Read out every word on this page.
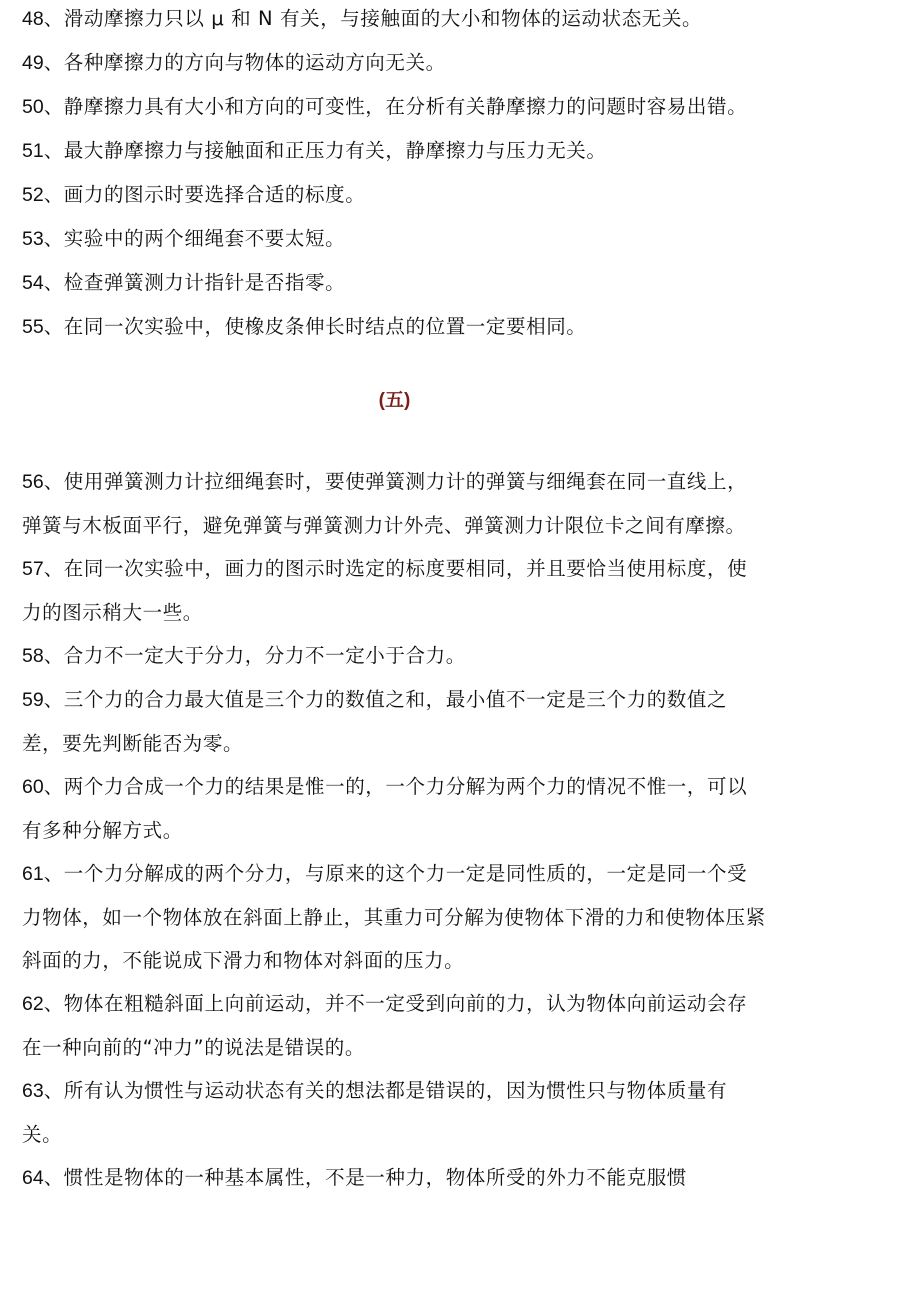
48、滑动摩擦力只以 μ 和 N 有关，与接触面的大小和物体的运动状态无关。

49、各种摩擦力的方向与物体的运动方向无关。

50、静摩擦力具有大小和方向的可变性，在分析有关静摩擦力的问题时容易出错。

51、最大静摩擦力与接触面和正压力有关，静摩擦力与压力无关。

52、画力的图示时要选择合适的标度。

53、实验中的两个细绳套不要太短。

54、检查弹簧测力计指针是否指零。

55、在同一次实验中，使橡皮条伸长时结点的位置一定要相同。

(五)

56、使用弹簧测力计拉细绳套时，要使弹簧测力计的弹簧与细绳套在同一直线上，弹簧与木板面平行，避免弹簧与弹簧测力计外壳、弹簧测力计限位卡之间有摩擦。

57、在同一次实验中，画力的图示时选定的标度要相同，并且要恰当使用标度，使力的图示稍大一些。

58、合力不一定大于分力，分力不一定小于合力。

59、三个力的合力最大值是三个力的数值之和，最小值不一定是三个力的数值之差，要先判断能否为零。

60、两个力合成一个力的结果是惟一的，一个力分解为两个力的情况不惟一，可以有多种分解方式。

61、一个力分解成的两个分力，与原来的这个力一定是同性质的，一定是同一个受力物体，如一个物体放在斜面上静止，其重力可分解为使物体下滑的力和使物体压紧斜面的力，不能说成下滑力和物体对斜面的压力。

62、物体在粗糙斜面上向前运动，并不一定受到向前的力，认为物体向前运动会存在一种向前的“冲力”的说法是错误的。

63、所有认为惯性与运动状态有关的想法都是错误的，因为惯性只与物体质量有关。

64、惯性是物体的一种基本属性，不是一种力，物体所受的外力不能克服惯
